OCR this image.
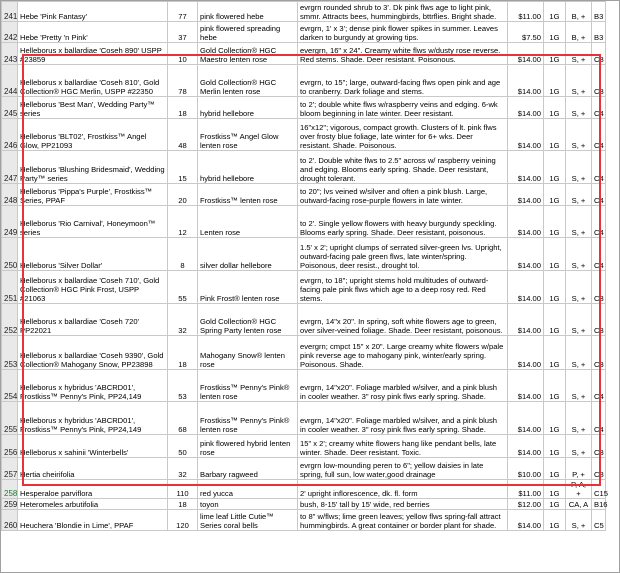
241	Hebe 'Pink Fantasy'	77	pink flowered hebe	evrgrn rounded shrub to 3'. Dk pink flws age to light pink, smmr. Attracts bees, hummingbirds, bttrflies. Bright shade.	$11.00	1G	B, +	B3
242	Hebe 'Pretty 'n Pink'	37	pink flowered spreading hebe	evrgrn, 1' x 3'; dense pink flower spikes in summer. Leaves darken to burgundy at growing tips.	$7.50	1G	B, +	B3
243	Helleborus x ballardiae 'Coseh 890' USPP #23859	10	Gold Collection® HGC Maestro lenten rose	evergrn, 16" x 24". Creamy white flws w/dusty rose reverse. Red stems. Shade. Deer resistant. Poisonous.	$14.00	1G	S, +	C3
244	Helleborus x ballardiae 'Coseh 810', Gold Collection® HGC Merlin, USPP #22350	78	Gold Collection® HGC Merlin lenten rose	evrgrn, to 15"; large, outward-facing flws open pink and age to cranberry. Dark foliage and stems.	$14.00	1G	S, +	C3
245	Helleborus 'Best Man', Wedding Party™ series	18	hybrid hellebore	to 2'; double white flws w/raspberry veins and edging. 6-wk bloom beginning in late winter. Deer resistant.	$14.00	1G	S, +	C4
246	Helleborus 'BLT02', Frostkiss™ Angel Glow, PP21093	48	Frostkiss™ Angel Glow lenten rose	16"x12"; vigorous, compact growth. Clusters of lt. pink flws over frosty blue foliage, late winter for 6+ wks. Deer resistant. Shade. Poisonous.	$14.00	1G	S, +	C4
247	Helleborus 'Blushing Bridesmaid', Wedding Party™ series	15	hybrid hellebore	to 2'. Double white flws to 2.5" across w/ raspberry veining and edging. Blooms early spring. Shade. Deer resistant, drought tolerant.	$14.00	1G	S, +	C4
248	Helleborus 'Pippa's Purple', Frostkiss™ Series, PPAF	20	Frostkiss™ lenten rose	to 20"; lvs veined w/silver and often a pink blush. Large, outward-facing rose-purple flowers in late winter.	$14.00	1G	S, +	C4
249	Helleborus 'Rio Carnival', Honeymoon™ series	12	Lenten rose	to 2'. Single yellow flowers with heavy burgundy speckling. Blooms early spring. Shade. Deer resistant, poisonous.	$14.00	1G	S, +	C4
250	Helleborus 'Silver Dollar'	8	silver dollar hellebore	1.5' x 2'; upright clumps of serrated silver-green lvs. Upright, outward-facing pale green flws, late winter/spring. Poisonous, deer resist., drought tol.	$14.00	1G	S, +	C4
251	Helleborus x ballardiae 'Coseh 710', Gold Collection® HGC Pink Frost, USPP #21063	55	Pink Frost® lenten rose	evrgrn, to 18"; upright stems hold multitudes of outward-facing pale pink flws which age to a deep rosy red. Red stems.	$14.00	1G	S, +	C3
252	Helleborus x ballardiae 'Coseh 720' PP22021	32	Gold Collection® HGC Spring Party lenten rose	evrgrn, 14"x 20". In spring, soft white flowers age to green, over silver-veined foliage. Shade. Deer resistant, poisonous.	$14.00	1G	S, +	C3
253	Helleborus x ballardiae 'Coseh 9390', Gold Collection® Mahogany Snow, PP23898	18	Mahogany Snow® lenten rose	evergrn; cmpct 15" x 20". Large creamy white flowers w/pale pink reverse age to mahogany pink, winter/early spring. Poisonous. Shade.	$14.00	1G	S, +	C3
254	Helleborus x hybridus 'ABCRD01', Frostkiss™ Penny's Pink, PP24,149	53	Frostkiss™ Penny's Pink® lenten rose	evrgrn, 14"x20". Foliage marbled w/silver, and a pink blush in cooler weather. 3" rosy pink flws early spring. Shade.	$14.00	1G	S, +	C4
255	Helleborus x hybridus 'ABCRD01', Frostkiss™ Penny's Pink, PP24,149	68	Frostkiss™ Penny's Pink® lenten rose	evrgrn, 14"x20". Foliage marbled w/silver, and a pink blush in cooler weather. 3" rosy pink flws early spring. Shade.	$14.00	1G	S, +	C4
256	Helleborus x sahinii 'Winterbells'	50	pink flowered hybrid lenten rose	15" x 2'; creamy white flowers hang like pendant bells, late winter. Shade. Deer resistant. Toxic.	$14.00	1G	S, +	C3
257	Hertia cheirifolia	32	Barbary ragweed	evrgrn low-mounding peren to 6"; yellow daisies in late spring, full sun, low water,good drainage	$10.00	1G	P, +	C8
258	Hesperaloe parviflora	110	red yucca	2' upright inflorescence, dk. fl. form	$11.00	1G	P, A, +	C15
259	Heteromeles arbutifolia	18	toyon	bush, 8-15' tall by 15' wide, red berries	$12.00	1G	CA, A	B16
260	Heuchera 'Blondie in Lime', PPAF	120	lime leaf Little Cutie™ Series coral bells	to 8" w/flws; lime green leaves; yellow flws spring-fall attract hummingbirds. A great container or border plant for shade.	$14.00	1G	S, +	C5
